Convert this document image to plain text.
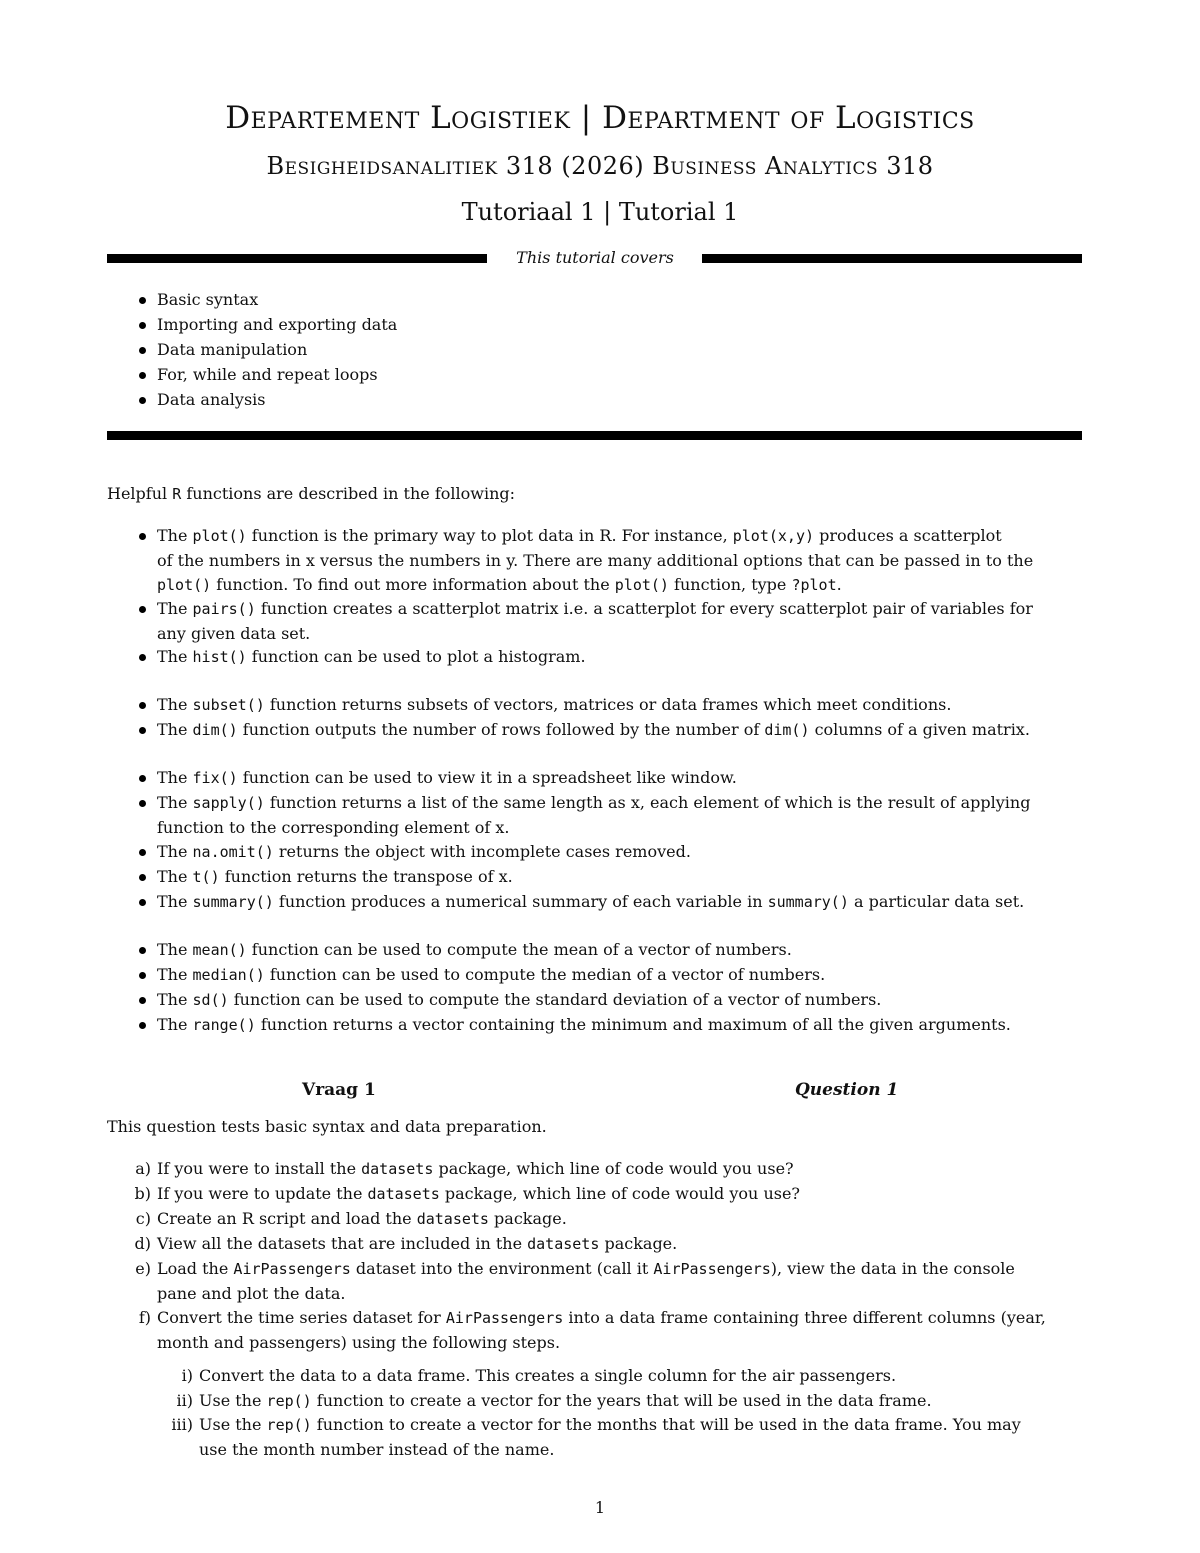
Departement Logistiek | Department of Logistics
Besigheidsanalitiek 318 (2026) Business Analytics 318
Tutoriaal 1 | Tutorial 1
This tutorial covers
Basic syntax
Importing and exporting data
Data manipulation
For, while and repeat loops
Data analysis
Helpful R functions are described in the following:
The plot() function is the primary way to plot data in R. For instance, plot(x,y) produces a scatterplot
of the numbers in x versus the numbers in y. There are many additional options that can be passed in to the
plot() function. To find out more information about the plot() function, type ?plot.
The pairs() function creates a scatterplot matrix i.e. a scatterplot for every scatterplot pair of variables for
any given data set.
The hist() function can be used to plot a histogram.
The subset() function returns subsets of vectors, matrices or data frames which meet conditions.
The dim() function outputs the number of rows followed by the number of dim() columns of a given matrix.
The fix() function can be used to view it in a spreadsheet like window.
The sapply() function returns a list of the same length as x, each element of which is the result of applying
function to the corresponding element of x.
The na.omit() returns the object with incomplete cases removed.
The t() function returns the transpose of x.
The summary() function produces a numerical summary of each variable in summary() a particular data set.
The mean() function can be used to compute the mean of a vector of numbers.
The median() function can be used to compute the median of a vector of numbers.
The sd() function can be used to compute the standard deviation of a vector of numbers.
The range() function returns a vector containing the minimum and maximum of all the given arguments.
Vraag 1	Question 1
This question tests basic syntax and data preparation.
a) If you were to install the datasets package, which line of code would you use?
b) If you were to update the datasets package, which line of code would you use?
c) Create an R script and load the datasets package.
d) View all the datasets that are included in the datasets package.
e) Load the AirPassengers dataset into the environment (call it AirPassengers), view the data in the console
pane and plot the data.
f) Convert the time series dataset for AirPassengers into a data frame containing three different columns (year,
month and passengers) using the following steps.
i) Convert the data to a data frame. This creates a single column for the air passengers.
ii) Use the rep() function to create a vector for the years that will be used in the data frame.
iii) Use the rep() function to create a vector for the months that will be used in the data frame. You may
use the month number instead of the name.
1
